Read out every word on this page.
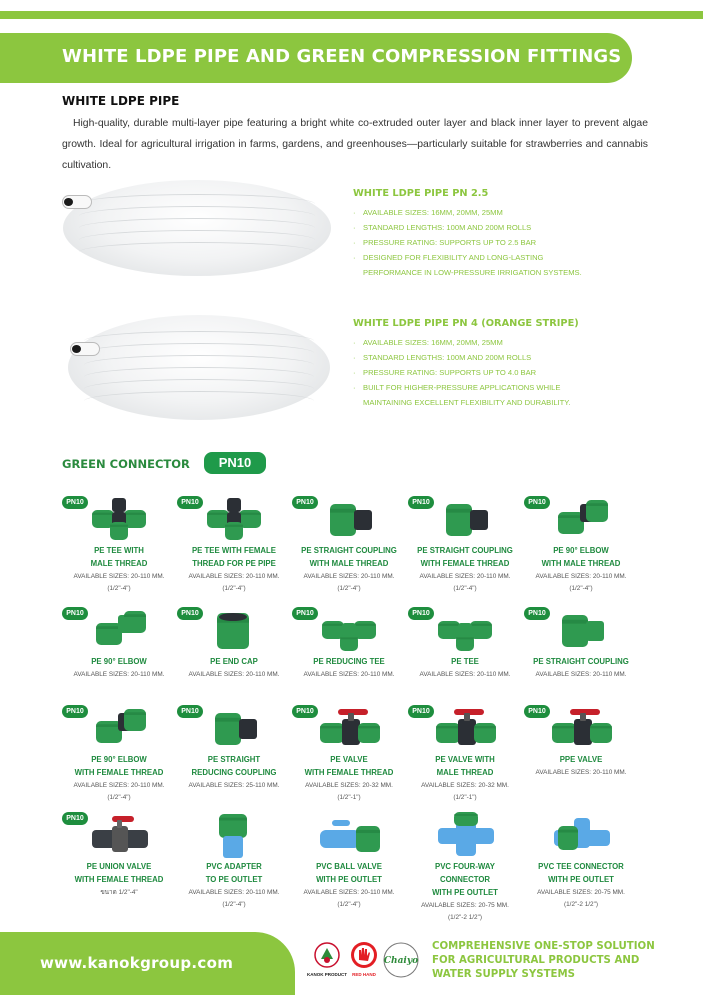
WHITE LDPE PIPE AND GREEN COMPRESSION FITTINGS
WHITE LDPE PIPE

High-quality, durable multi-layer pipe featuring a bright white co-extruded outer layer and black inner layer to prevent algae growth. Ideal for agricultural irrigation in farms, gardens, and greenhouses—particularly suitable for strawberries and cannabis cultivation.

WHITE LDPE PIPE PN 2.5
· AVAILABLE SIZES: 16MM, 20MM, 25MM
· STANDARD LENGTHS: 100M AND 200M ROLLS
· PRESSURE RATING: SUPPORTS UP TO 2.5 BAR
· DESIGNED FOR FLEXIBILITY AND LONG-LASTING
PERFORMANCE IN LOW-PRESSURE IRRIGATION SYSTEMS.
WHITE LDPE PIPE PN 4 (ORANGE STRIPE)
· AVAILABLE SIZES: 16MM, 20MM, 25MM
· STANDARD LENGTHS: 100M AND 200M ROLLS
· PRESSURE RATING: SUPPORTS UP TO 4.0 BAR
· BUILT FOR HIGHER-PRESSURE APPLICATIONS WHILE
MAINTAINING EXCELLENT FLEXIBILITY AND DURABILITY.
GREEN CONNECTOR	PN10
PN10
PE TEE WITH
MALE THREAD
AVAILABLE SIZES: 20-110 MM.
(1/2"-4")
PN10
PE TEE WITH FEMALE
THREAD FOR PE PIPE
AVAILABLE SIZES: 20-110 MM.
(1/2"-4")
PN10
PE STRAIGHT COUPLING
WITH MALE THREAD
AVAILABLE SIZES: 20-110 MM.
(1/2"-4")
PN10
PE STRAIGHT COUPLING
WITH FEMALE THREAD
AVAILABLE SIZES: 20-110 MM.
(1/2"-4")
PN10
PE 90° ELBOW
WITH MALE THREAD
AVAILABLE SIZES: 20-110 MM.
(1/2"-4")
PN10
PE 90° ELBOW
AVAILABLE SIZES: 20-110 MM.
PN10
PE END CAP
AVAILABLE SIZES: 20-110 MM.
PN10
PE REDUCING TEE
AVAILABLE SIZES: 20-110 MM.
PN10
PE TEE
AVAILABLE SIZES: 20-110 MM.
PN10
PE STRAIGHT COUPLING
AVAILABLE SIZES: 20-110 MM.
PN10
PE 90° ELBOW
WITH FEMALE THREAD
AVAILABLE SIZES: 20-110 MM.
(1/2"-4")
PN10
PE STRAIGHT
REDUCING COUPLING
AVAILABLE SIZES: 25-110 MM.
PN10
PE VALVE
WITH FEMALE THREAD
AVAILABLE SIZES: 20-32 MM.
(1/2"-1")
PN10
PE VALVE WITH
MALE THREAD
AVAILABLE SIZES: 20-32 MM.
(1/2"-1")
PN10
PPE VALVE
AVAILABLE SIZES: 20-110 MM.
PN10
PE UNION VALVE
WITH FEMALE THREAD
ขนาด 1/2"-4"
PVC ADAPTER
TO PE OUTLET
AVAILABLE SIZES: 20-110 MM.
(1/2"-4")
PVC BALL VALVE
WITH PE OUTLET
AVAILABLE SIZES: 20-110 MM.
(1/2"-4")
PVC FOUR-WAY
CONNECTOR
WITH PE OUTLET
AVAILABLE SIZES: 20-75 MM.
(1/2"-2 1/2")
PVC TEE CONNECTOR
WITH PE OUTLET
AVAILABLE SIZES: 20-75 MM.
(1/2"-2 1/2")
www.kanokgroup.com
KANOK PRODUCT	RED HAND
Chaiyo
COMPREHENSIVE ONE-STOP SOLUTION
FOR AGRICULTURAL PRODUCTS AND
WATER SUPPLY SYSTEMS
